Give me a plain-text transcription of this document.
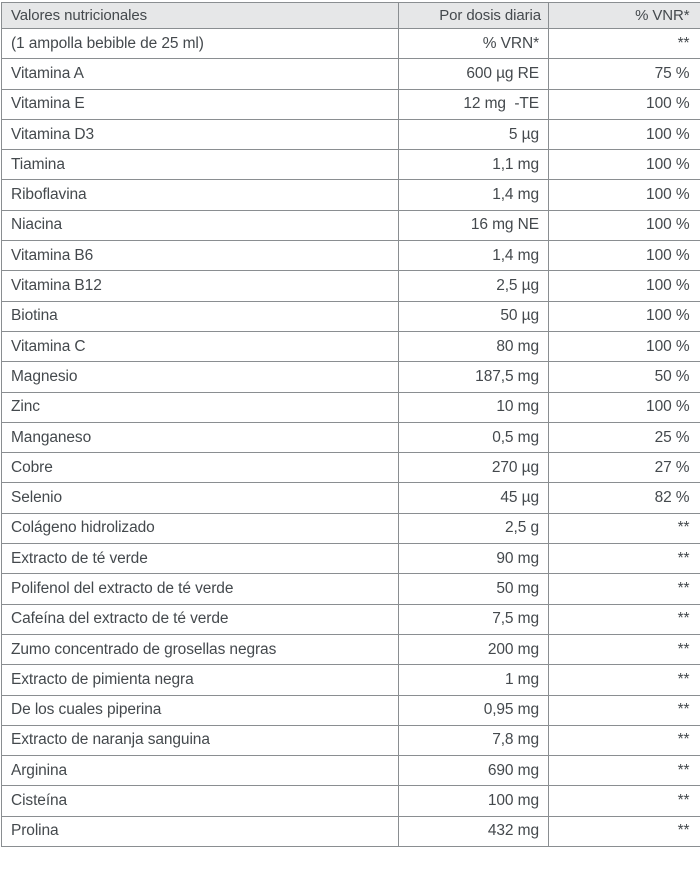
Valores nutricionales	Por dosis diaria	% VNR*
(1 ampolla bebible de 25 ml)	% VRN*	**
Vitamina A	600 µg RE	75 %
Vitamina E	12 mg  -TE	100 %
Vitamina D3	5 µg	100 %
Tiamina	1,1 mg	100 %
Riboflavina	1,4 mg	100 %
Niacina	16 mg NE	100 %
Vitamina B6	1,4 mg	100 %
Vitamina B12	2,5 µg	100 %
Biotina	50 µg	100 %
Vitamina C	80 mg	100 %
Magnesio	187,5 mg	50 %
Zinc	10 mg	100 %
Manganeso	0,5 mg	25 %
Cobre	270 µg	27 %
Selenio	45 µg	82 %
Colágeno hidrolizado	2,5 g	**
Extracto de té verde	90 mg	**
Polifenol del extracto de té verde	50 mg	**
Cafeína del extracto de té verde	7,5 mg	**
Zumo concentrado de grosellas negras	200 mg	**
Extracto de pimienta negra	1 mg	**
De los cuales piperina	0,95 mg	**
Extracto de naranja sanguina	7,8 mg	**
Arginina	690 mg	**
Cisteína	100 mg	**
Prolina	432 mg	**
